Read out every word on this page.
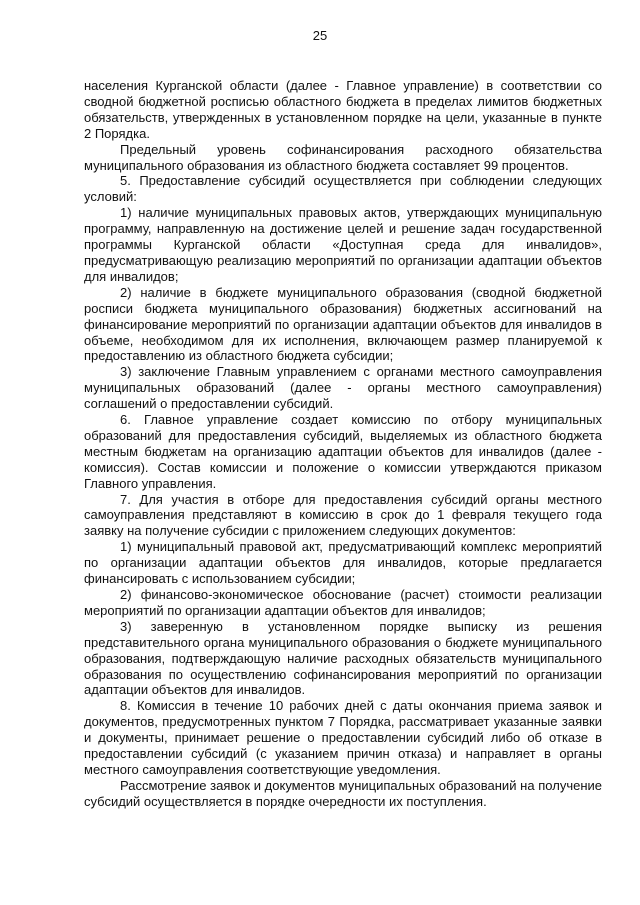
25

населения Курганской области (далее - Главное управление) в соответствии со сводной бюджетной росписью областного бюджета в пределах лимитов бюджетных обязательств, утвержденных в установленном порядке на цели, указанные в пункте 2 Порядка.

Предельный уровень софинансирования расходного обязательства муниципального образования из областного бюджета составляет 99 процентов.

5. Предоставление субсидий осуществляется при соблюдении следующих условий:

1) наличие муниципальных правовых актов, утверждающих муниципальную программу, направленную на достижение целей и решение задач государственной программы Курганской области «Доступная среда для инвалидов», предусматривающую реализацию мероприятий по организации адаптации объектов для инвалидов;

2) наличие в бюджете муниципального образования (сводной бюджетной росписи бюджета муниципального образования) бюджетных ассигнований на финансирование мероприятий по организации адаптации объектов для инвалидов в объеме, необходимом для их исполнения, включающем размер планируемой к предоставлению из областного бюджета субсидии;

3) заключение Главным управлением с органами местного самоуправления муниципальных образований (далее - органы местного самоуправления) соглашений о предоставлении субсидий.

6. Главное управление создает комиссию по отбору муниципальных образований для предоставления субсидий, выделяемых из областного бюджета местным бюджетам на организацию адаптации объектов для инвалидов (далее - комиссия). Состав комиссии и положение о комиссии утверждаются приказом Главного управления.

7. Для участия в отборе для предоставления субсидий органы местного самоуправления представляют в комиссию в срок до 1 февраля текущего года заявку на получение субсидии с приложением следующих документов:

1) муниципальный правовой акт, предусматривающий комплекс мероприятий по организации адаптации объектов для инвалидов, которые предлагается финансировать с использованием субсидии;

2) финансово-экономическое обоснование (расчет) стоимости реализации мероприятий по организации адаптации объектов для инвалидов;

3) заверенную в установленном порядке выписку из решения представительного органа муниципального образования о бюджете муниципального образования, подтверждающую наличие расходных обязательств муниципального образования по осуществлению софинансирования мероприятий по организации адаптации объектов для инвалидов.

8. Комиссия в течение 10 рабочих дней с даты окончания приема заявок и документов, предусмотренных пунктом 7 Порядка, рассматривает указанные заявки и документы, принимает решение о предоставлении субсидий либо об отказе в предоставлении субсидий (с указанием причин отказа) и направляет в органы местного самоуправления соответствующие уведомления.

Рассмотрение заявок и документов муниципальных образований на получение субсидий осуществляется в порядке очередности их поступления.
